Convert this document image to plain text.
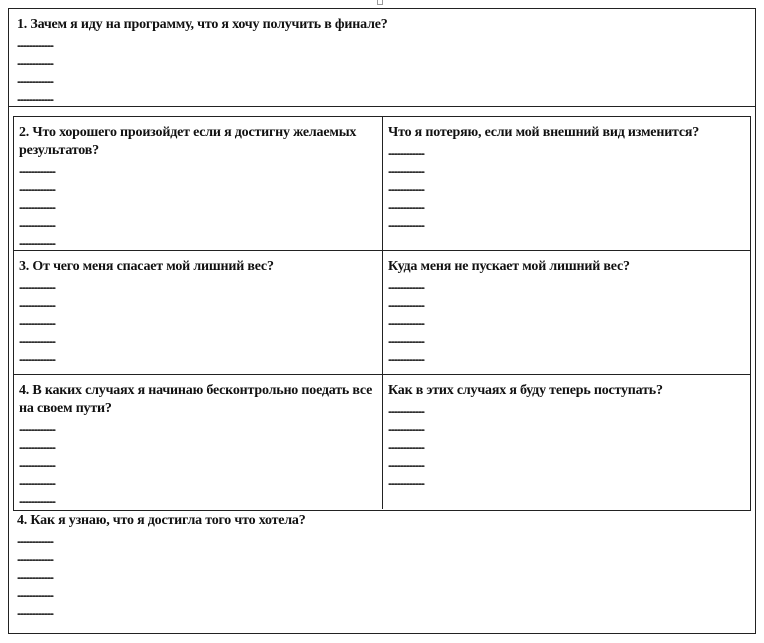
1. Зачем я иду на программу, что я хочу получить в финале?
........................
........................
........................
........................
2. Что хорошего произойдет если я достигну желаемых результатов?
........................
........................
........................
........................
........................
Что я потеряю, если мой внешний вид изменится?
........................
........................
........................
........................
........................
3. От чего меня спасает мой лишний вес?
........................
........................
........................
........................
........................
Куда меня не пускает мой лишний вес?
........................
........................
........................
........................
........................
4. В каких случаях я начинаю бесконтрольно поедать все на своем пути?
........................
........................
........................
........................
........................
Как в этих случаях я буду теперь поступать?
........................
........................
........................
........................
........................
4. Как я узнаю, что я достигла того что хотела?
........................
........................
........................
........................
........................
